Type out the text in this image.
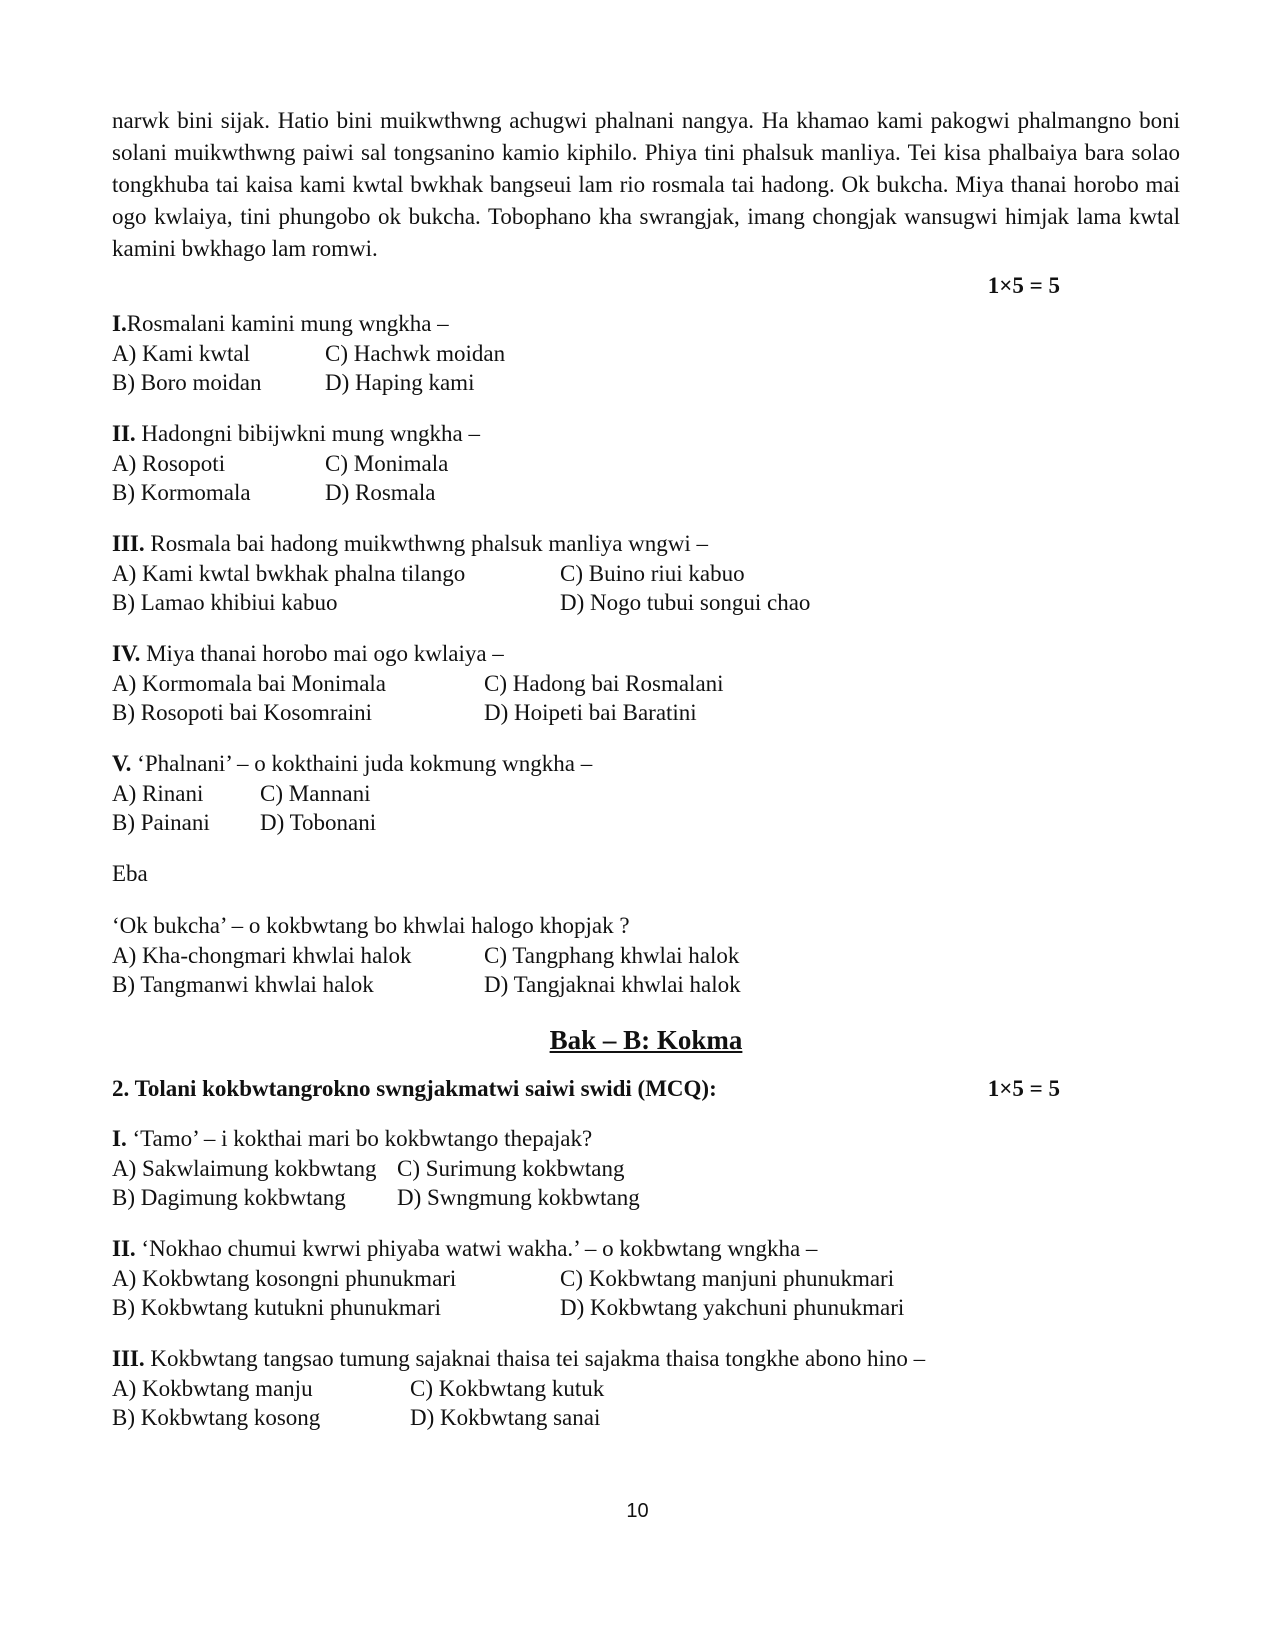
narwk bini sijak. Hatio bini muikwthwng achugwi phalnani nangya. Ha khamao kami pakogwi phalmangno boni solani muikwthwng paiwi sal tongsanino kamio kiphilo. Phiya tini phalsuk manliya. Tei kisa phalbaiya bara solao tongkhuba tai kaisa kami kwtal bwkhak bangseui lam rio rosmala tai hadong. Ok bukcha. Miya thanai horobo mai ogo kwlaiya, tini phungobo ok bukcha. Tobophano kha swrangjak, imang chongjak wansugwi himjak lama kwtal kamini bwkhago lam romwi.

1×5 = 5
I.Rosmalani kamini mung wngkha –
A) Kami kwtal	C) Hachwk moidan
B) Boro moidan	D) Haping kami
II. Hadongni bibijwkni mung wngkha –
A) Rosopoti	C) Monimala
B) Kormomala	D) Rosmala
III. Rosmala bai hadong muikwthwng phalsuk manliya wngwi –
A) Kami kwtal bwkhak phalna tilango	C) Buino riui kabuo
B) Lamao khibiui kabuo	D) Nogo tubui songui chao
IV. Miya thanai horobo mai ogo kwlaiya –
A) Kormomala bai Monimala	C) Hadong bai Rosmalani
B) Rosopoti bai Kosomraini	D) Hoipeti bai Baratini
V. ‘Phalnani’ – o kokthaini juda kokmung wngkha –
A) Rinani	C) Mannani
B) Painani	D) Tobonani
Eba
‘Ok bukcha’ – o kokbwtang bo khwlai halogo khopjak ?
A) Kha-chongmari khwlai halok	C) Tangphang khwlai halok
B) Tangmanwi khwlai halok	D) Tangjaknai khwlai halok
Bak – B: Kokma
2. Tolani kokbwtangrokno swngjakmatwi saiwi swidi (MCQ):	1×5 = 5
I. ‘Tamo’ – i kokthai mari bo kokbwtango thepajak?
A) Sakwlaimung kokbwtang C) Surimung kokbwtang
B) Dagimung kokbwtang	D) Swngmung kokbwtang
II. ‘Nokhao chumui kwrwi phiyaba watwi wakha.’ – o kokbwtang wngkha –
A) Kokbwtang kosongni phunukmari	C) Kokbwtang manjuni phunukmari
B) Kokbwtang kutukni phunukmari	D) Kokbwtang yakchuni phunukmari
III. Kokbwtang tangsao tumung sajaknai thaisa tei sajakma thaisa tongkhe abono hino –
A) Kokbwtang manju	C) Kokbwtang kutuk
B) Kokbwtang kosong	D) Kokbwtang sanai
10
